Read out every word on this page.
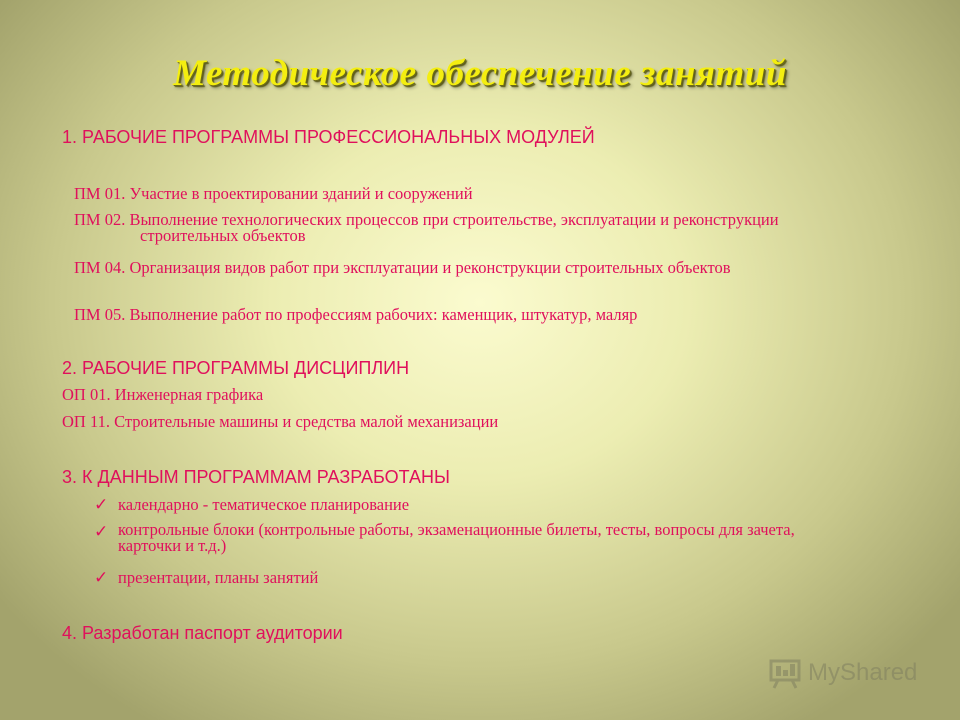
Методическое обеспечение занятий

1. РАБОЧИЕ ПРОГРАММЫ ПРОФЕССИОНАЛЬНЫХ МОДУЛЕЙ

ПМ 01. Участие в проектировании зданий и сооружений

ПМ 02. Выполнение технологических процессов при строительстве, эксплуатации и реконструкции строительных объектов

ПМ 04. Организация видов работ при эксплуатации и реконструкции строительных объектов

ПМ 05. Выполнение работ по профессиям рабочих: каменщик, штукатур, маляр

2. РАБОЧИЕ ПРОГРАММЫ ДИСЦИПЛИН

ОП 01. Инженерная графика

ОП 11. Строительные машины и средства малой механизации

3. К ДАННЫМ ПРОГРАММАМ РАЗРАБОТАНЫ

✓ календарно - тематическое планирование

✓ контрольные блоки (контрольные работы, экзаменационные билеты, тесты, вопросы для зачета, карточки и т.д.)

✓ презентации, планы занятий

4. Разработан паспорт аудитории

MyShared
